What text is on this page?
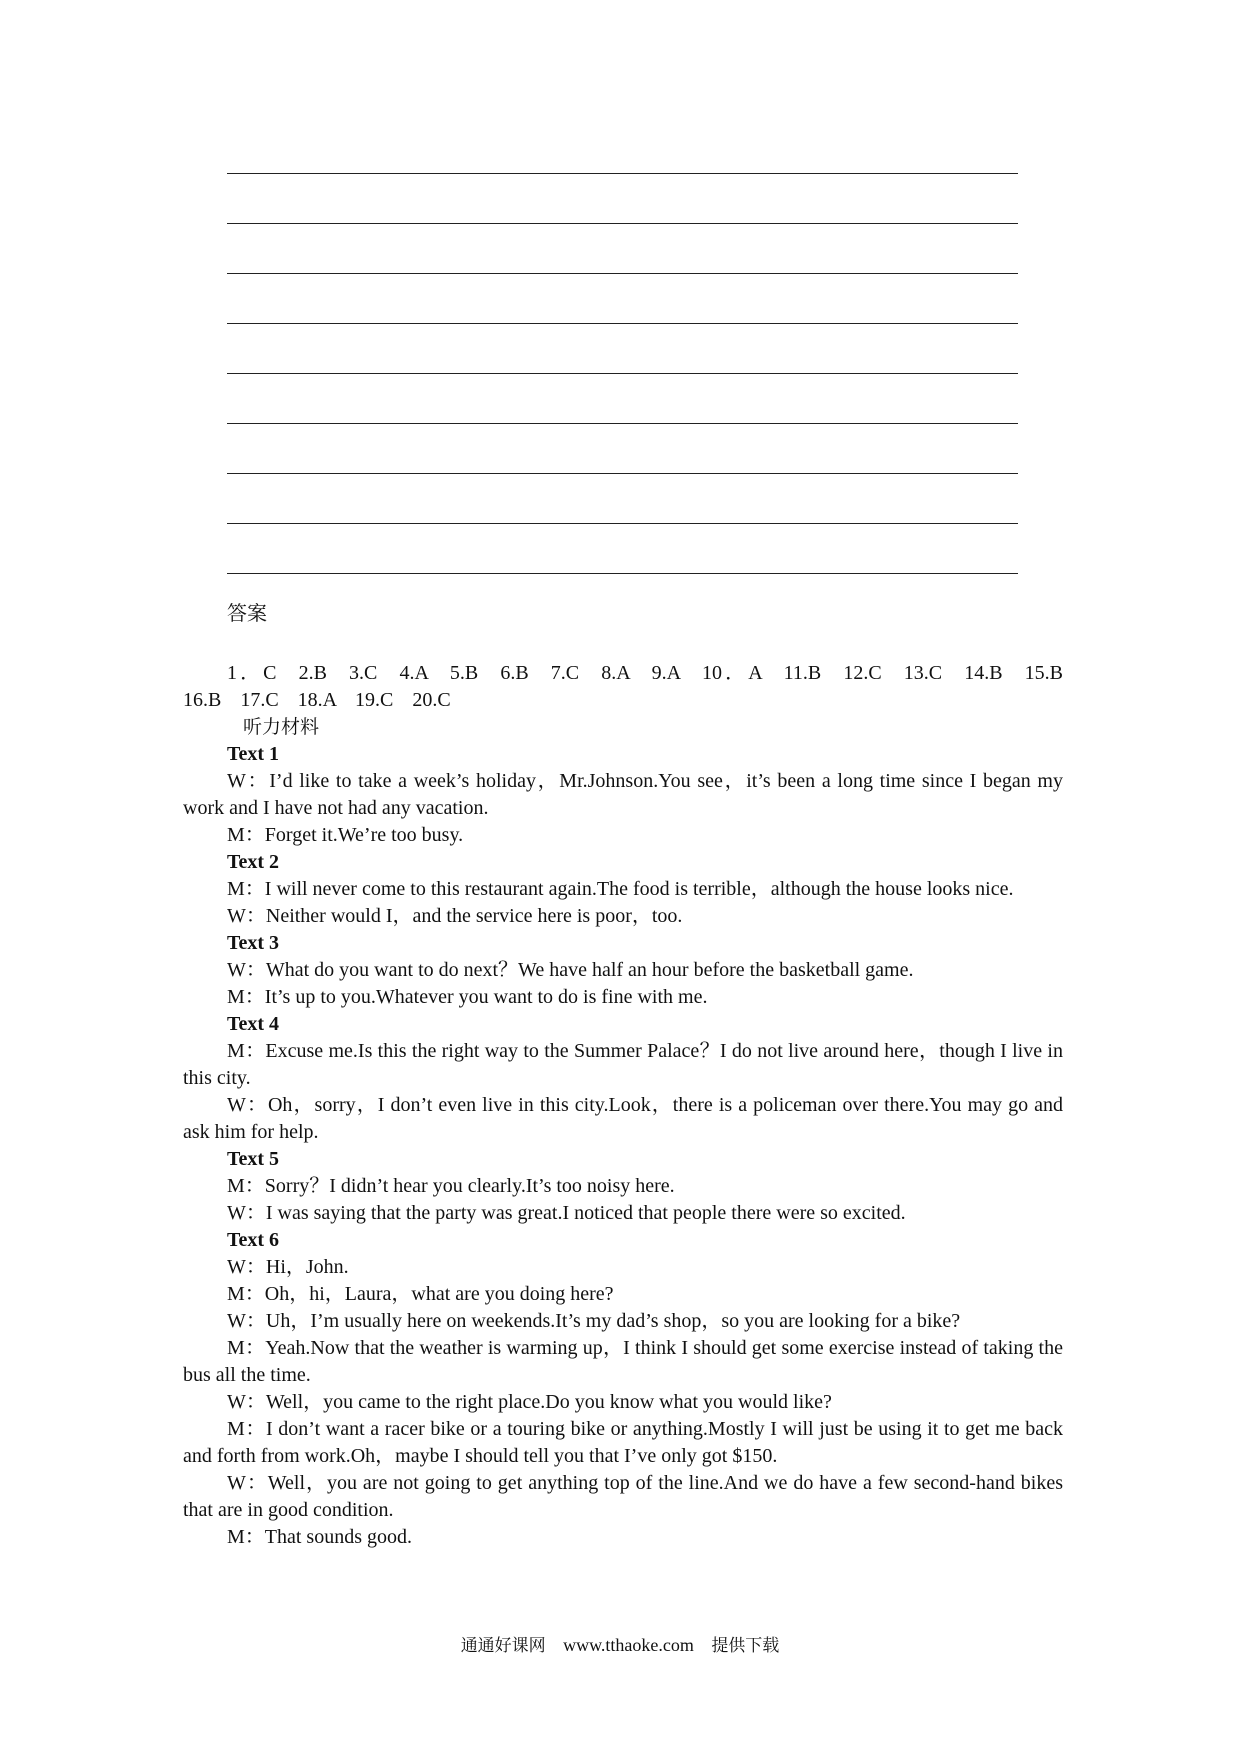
答案

1．C 2.B 3.C 4.A 5.B 6.B 7.C 8.A 9.A 10．A 11.B 12.C 13.C 14.B 15.B 16.B 17.C 18.A 19.C 20.C

听力材料

Text 1

W：I’d like to take a week’s holiday，Mr.Johnson.You see，it’s been a long time since I began my work and I have not had any vacation.

M：Forget it.We’re too busy.

Text 2

M：I will never come to this restaurant again.The food is terrible，although the house looks nice.

W：Neither would I，and the service here is poor，too.

Text 3

W：What do you want to do next？We have half an hour before the basketball game.

M：It’s up to you.Whatever you want to do is fine with me.

Text 4

M：Excuse me.Is this the right way to the Summer Palace？I do not live around here，though I live in this city.

W：Oh，sorry，I don’t even live in this city.Look，there is a policeman over there.You may go and ask him for help.

Text 5

M：Sorry？I didn’t hear you clearly.It’s too noisy here.

W：I was saying that the party was great.I noticed that people there were so excited.

Text 6

W：Hi，John.

M：Oh，hi，Laura，what are you doing here?

W：Uh，I’m usually here on weekends.It’s my dad’s shop，so you are looking for a bike?

M：Yeah.Now that the weather is warming up，I think I should get some exercise instead of taking the bus all the time.

W：Well，you came to the right place.Do you know what you would like?

M：I don’t want a racer bike or a touring bike or anything.Mostly I will just be using it to get me back and forth from work.Oh，maybe I should tell you that I’ve only got $150.

W：Well，you are not going to get anything top of the line.And we do have a few second-hand bikes that are in good condition.

M：That sounds good.

通通好课网 www.tthaoke.com 提供下载
